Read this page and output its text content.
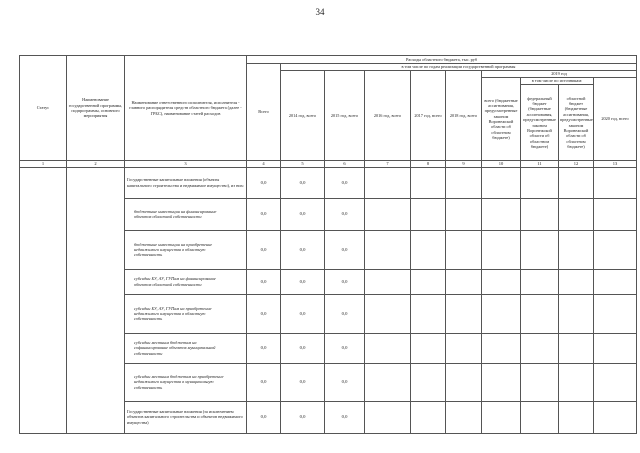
34
Статус	Наименование государственной программы, подпрограммы, основного мероприятия	Наименование ответственного исполнителя, исполнителя - главного распорядителя средств областного бюджета (далее - ГРБС), наименование статей расходов	Расходы областного бюджета, тыс. руб									
			Всего	в том числе по годам реализации государственной программы								
				2014 год, всего	2015 год, всего	2016 год, всего	2017 год, всего	2018 год, всего	2019 год			
									всего (бюджетные ассигнования, предусмотренные законом Воронежской области об областном бюджете)	в том числе по источникам:		2020 год, всего
										федеральный бюджет (бюджетные ассигнования, предусмотренные законом Воронежской области об областном бюджете)	областной бюджет (бюджетные ассигнования, предусмотренные законом Воронежской области об областном бюджете)	
1	2	3	4	5	6	7	8	9	10	11	12	13
		Государственные капитальные вложения (объекты капитального строительства и недвижимое имущество), из них:	0,0	0,0	0,0							
		бюджетные инвестиции на финансирование объектов областной собственности	0,0	0,0	0,0							
		бюджетные инвестиции на приобретение недвижимого имущества в областную собственность	0,0	0,0	0,0							
		субсидии БУ, АУ, ГУПам на финансирование объектов областной собственности	0,0	0,0	0,0							
		субсидии БУ, АУ, ГУПам на приобретение недвижимого имущества в областную собственность	0,0	0,0	0,0							
		субсидии местным бюджетам на софинансирование объектов муниципальной собственности	0,0	0,0	0,0							
		субсидии местным бюджетам на приобретение недвижимого имущества в муниципальную собственность	0,0	0,0	0,0							
		Государственные капитальные вложения (за исключением объектов капитального строительства и объектов недвижимого имущества)	0,0	0,0	0,0							
